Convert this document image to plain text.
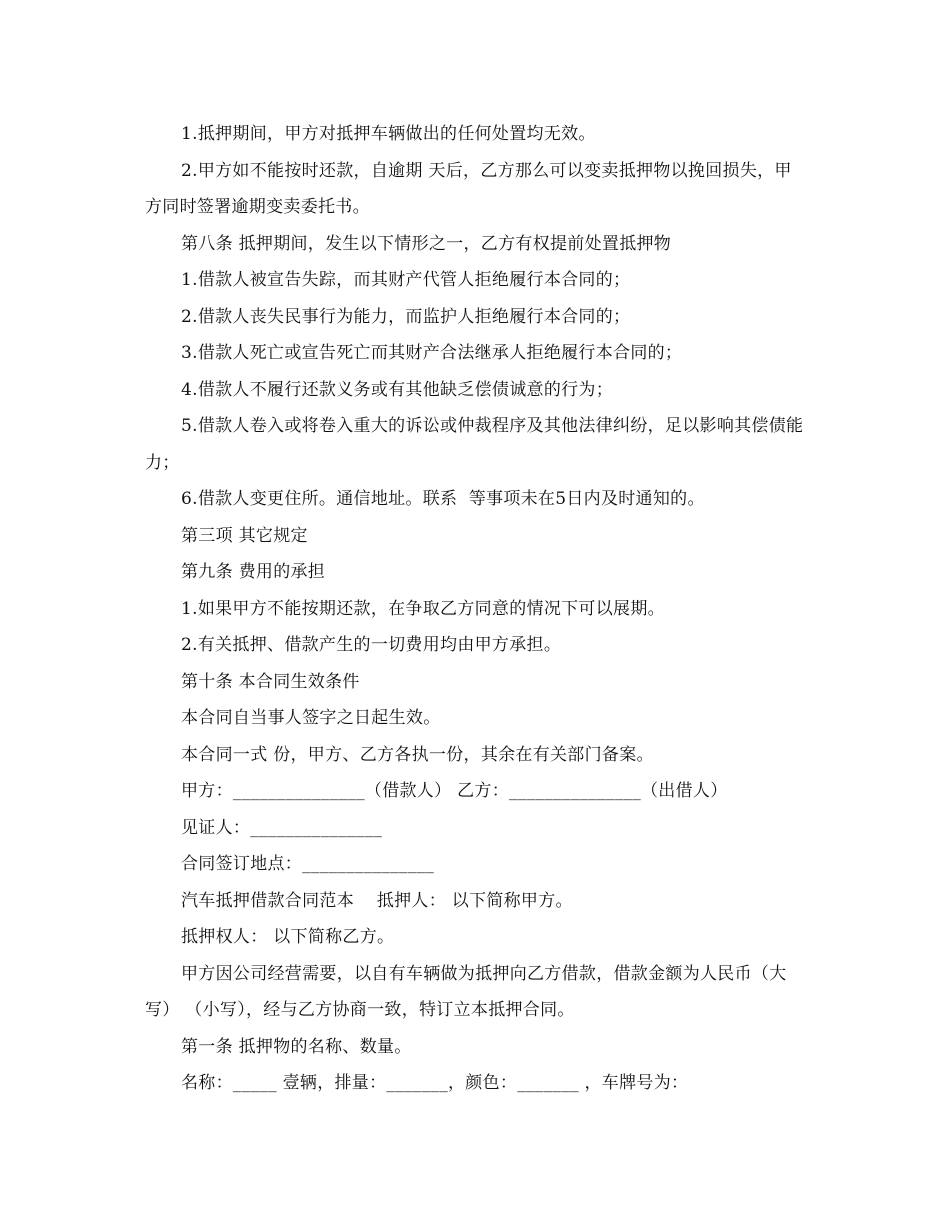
1.抵押期间，甲方对抵押车辆做出的任何处置均无效。

2.甲方如不能按时还款，自逾期 天后，乙方那么可以变卖抵押物以挽回损失，甲方同时签署逾期变卖委托书。

第八条 抵押期间，发生以下情形之一，乙方有权提前处置抵押物

1.借款人被宣告失踪，而其财产代管人拒绝履行本合同的；

2.借款人丧失民事行为能力，而监护人拒绝履行本合同的；

3.借款人死亡或宣告死亡而其财产合法继承人拒绝履行本合同的；

4.借款人不履行还款义务或有其他缺乏偿债诚意的行为；

5.借款人卷入或将卷入重大的诉讼或仲裁程序及其他法律纠纷，足以影响其偿债能力；

6.借款人变更住所。通信地址。联系  等事项未在5日内及时通知的。

第三项 其它规定

第九条 费用的承担

1.如果甲方不能按期还款，在争取乙方同意的情况下可以展期。

2.有关抵押、借款产生的一切费用均由甲方承担。

第十条 本合同生效条件

本合同自当事人签字之日起生效。

本合同一式 份，甲方、乙方各执一份，其余在有关部门备案。

甲方：_______________（借款人） 乙方：_______________（出借人）

见证人：_______________

合同签订地点：_______________

汽车抵押借款合同范本    抵押人： 以下简称甲方。

抵押权人： 以下简称乙方。

甲方因公司经营需要，以自有车辆做为抵押向乙方借款，借款金额为人民币（大写） （小写），经与乙方协商一致，特订立本抵押合同。

第一条 抵押物的名称、数量。

名称：_____ 壹辆，排量：_______，颜色：_______ ，车牌号为：
